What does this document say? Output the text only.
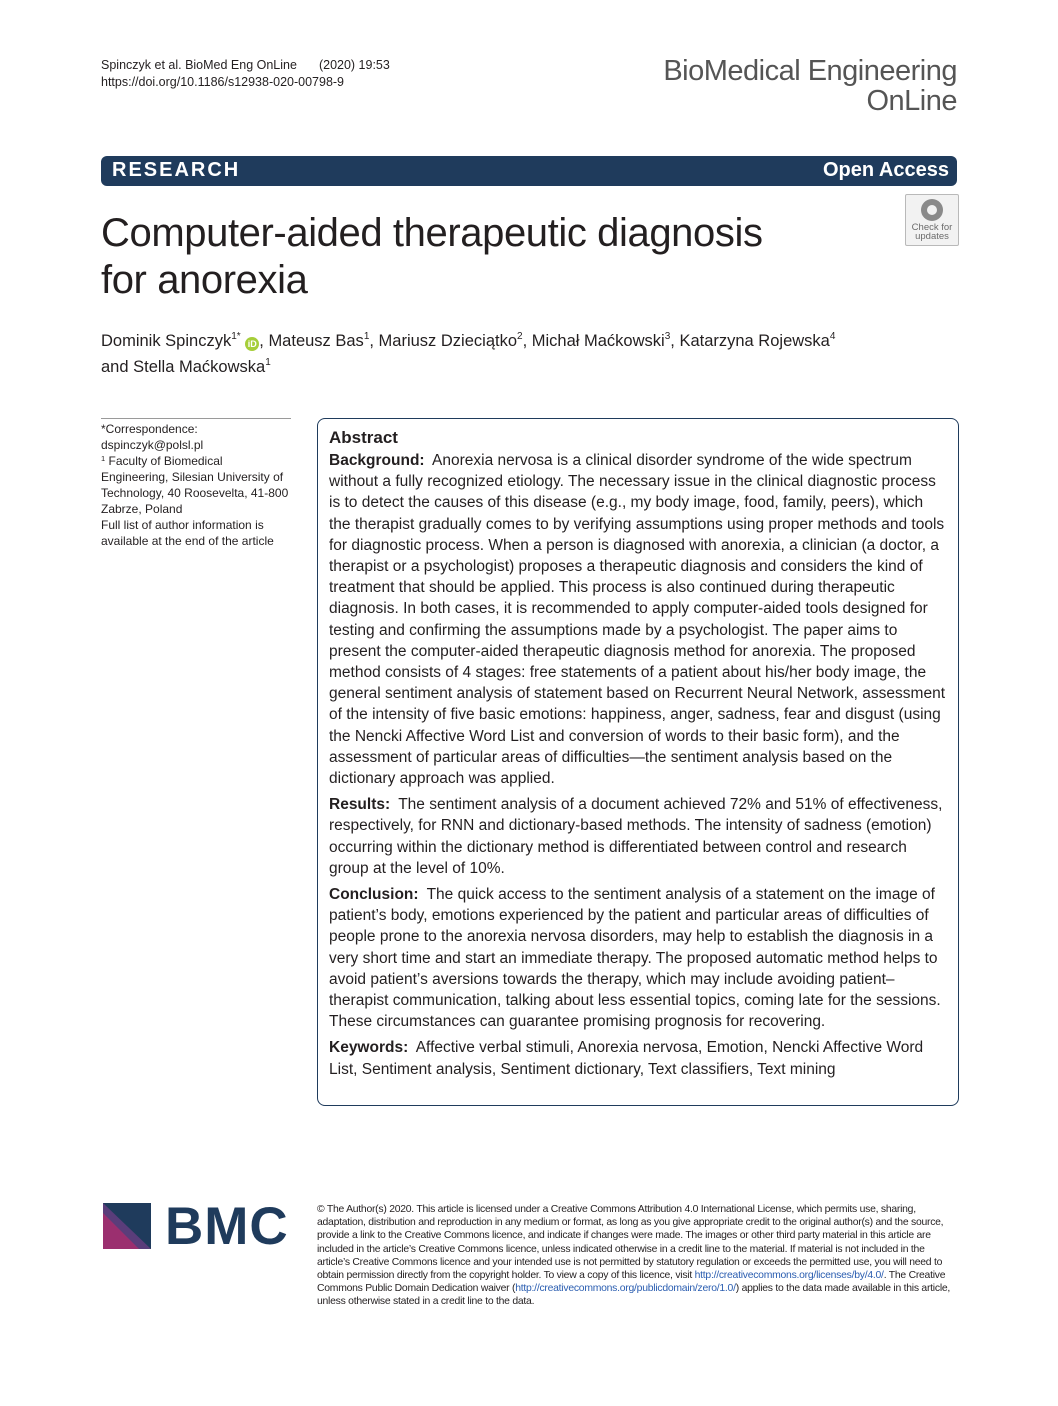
Spinczyk et al. BioMed Eng OnLine (2020) 19:53
https://doi.org/10.1186/s12938-020-00798-9	BioMedical Engineering
OnLine
RESEARCH	Open Access
Computer-aided therapeutic diagnosis
for anorexia
Check for
updates
Dominik Spinczyk$^{1*}$ iD , Mateusz Bas$^1$, Mariusz Dzieciątko$^2$, Michał Maćkowski$^3$, Katarzyna Rojewska$^4$
and Stella Maćkowska$^1$
*Correspondence:
dspinczyk@polsl.pl
$^1$ Faculty of Biomedical Engineering, Silesian University of Technology, 40 Roosevelta, 41-800 Zabrze, Poland
Full list of author information is available at the end of the article
Abstract

Background: Anorexia nervosa is a clinical disorder syndrome of the wide spectrum without a fully recognized etiology. The necessary issue in the clinical diagnostic process is to detect the causes of this disease (e.g., my body image, food, family, peers), which the therapist gradually comes to by verifying assumptions using proper methods and tools for diagnostic process. When a person is diagnosed with anorexia, a clinician (a doctor, a therapist or a psychologist) proposes a therapeutic diagnosis and considers the kind of treatment that should be applied. This process is also continued during therapeutic diagnosis. In both cases, it is recommended to apply computer-aided tools designed for testing and confirming the assumptions made by a psychologist. The paper aims to present the computer-aided therapeutic diagnosis method for anorexia. The proposed method consists of 4 stages: free statements of a patient about his/her body image, the general sentiment analysis of statement based on Recurrent Neural Network, assessment of the intensity of five basic emotions: happiness, anger, sadness, fear and disgust (using the Nencki Affective Word List and conversion of words to their basic form), and the assessment of particular areas of difficulties—the sentiment analysis based on the dictionary approach was applied.

Results: The sentiment analysis of a document achieved 72% and 51% of effectiveness, respectively, for RNN and dictionary-based methods. The intensity of sadness (emotion) occurring within the dictionary method is differentiated between control and research group at the level of 10%.

Conclusion: The quick access to the sentiment analysis of a statement on the image of patient’s body, emotions experienced by the patient and particular areas of difficulties of people prone to the anorexia nervosa disorders, may help to establish the diagnosis in a very short time and start an immediate therapy. The proposed automatic method helps to avoid patient’s aversions towards the therapy, which may include avoiding patient–therapist communication, talking about less essential topics, coming late for the sessions. These circumstances can guarantee promising prognosis for recovering.

Keywords: Affective verbal stimuli, Anorexia nervosa, Emotion, Nencki Affective Word List, Sentiment analysis, Sentiment dictionary, Text classifiers, Text mining

BMC	© The Author(s) 2020. This article is licensed under a Creative Commons Attribution 4.0 International License, which permits use, sharing, adaptation, distribution and reproduction in any medium or format, as long as you give appropriate credit to the original author(s) and the source, provide a link to the Creative Commons licence, and indicate if changes were made. The images or other third party material in this article are included in the article’s Creative Commons licence, unless indicated otherwise in a credit line to the material. If material is not included in the article’s Creative Commons licence and your intended use is not permitted by statutory regulation or exceeds the permitted use, you will need to obtain permission directly from the copyright holder. To view a copy of this licence, visit http://creativecommons.org/licenses/by/4.0/. The Creative Commons Public Domain Dedication waiver (http://creativecommons.org/publicdomain/zero/1.0/) applies to the data made available in this article, unless otherwise stated in a credit line to the data.
